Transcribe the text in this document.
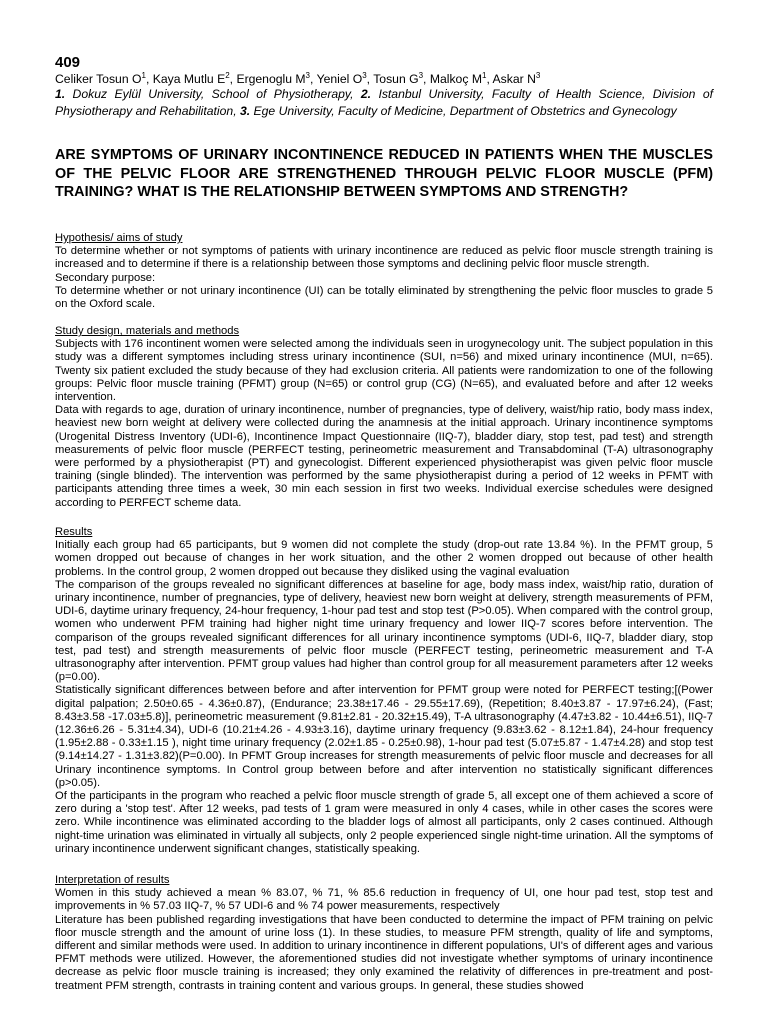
409
Celiker Tosun $O^1$, Kaya Mutlu $E^2$, Ergenoglu $M^3$, Yeniel $O^3$, Tosun $G^3$, Malkoç $M^1$, Askar $N^3$
1. Dokuz Eylül University, School of Physiotherapy, 2. Istanbul University, Faculty of Health Science, Division of Physiotherapy and Rehabilitation, 3. Ege University, Faculty of Medicine, Department of Obstetrics and Gynecology
ARE SYMPTOMS OF URINARY INCONTINENCE REDUCED IN PATIENTS WHEN THE MUSCLES OF THE PELVIC FLOOR ARE STRENGTHENED THROUGH PELVIC FLOOR MUSCLE (PFM) TRAINING? WHAT IS THE RELATIONSHIP BETWEEN SYMPTOMS AND STRENGTH?

Hypothesis/ aims of study

To determine whether or not symptoms of patients with urinary incontinence are reduced as pelvic floor muscle strength training is increased and to determine if there is a relationship between those symptoms and declining pelvic floor muscle strength.

Secondary purpose:

To determine whether or not urinary incontinence (UI) can be totally eliminated by strengthening the pelvic floor muscles to grade 5 on the Oxford scale.

Study design, materials and methods

Subjects with 176 incontinent women were selected among the individuals seen in urogynecology unit. The subject population in this study was a different symptomes including stress urinary incontinence (SUI, n=56) and mixed urinary incontinence (MUI, n=65). Twenty six patient excluded the study because of they had exclusion criteria. All patients were randomization to one of the following groups: Pelvic floor muscle training (PFMT) group (N=65) or control grup (CG) (N=65), and evaluated before and after 12 weeks intervention.

Data with regards to age, duration of urinary incontinence, number of pregnancies, type of delivery, waist/hip ratio, body mass index, heaviest new born weight at delivery were collected during the anamnesis at the initial approach. Urinary incontinence symptoms (Urogenital Distress Inventory (UDI-6), Incontinence Impact Questionnaire (IIQ-7), bladder diary, stop test, pad test) and strength measurements of pelvic floor muscle (PERFECT testing, perineometric measurement and Transabdominal (T-A) ultrasonography were performed by a physiotherapist (PT) and gynecologist. Different experienced physiotherapist was given pelvic floor muscle training (single blinded). The intervention was performed by the same physiotherapist during a period of 12 weeks in PFMT with participants attending three times a week, 30 min each session in first two weeks. Individual exercise schedules were designed according to PERFECT scheme data.

Results

Initially each group had 65 participants, but 9 women did not complete the study (drop-out rate 13.84 %). In the PFMT group, 5 women dropped out because of changes in her work situation, and the other 2 women dropped out because of other health problems. In the control group, 2 women dropped out because they disliked using the vaginal evaluation

The comparison of the groups revealed no significant differences at baseline for age, body mass index, waist/hip ratio, duration of urinary incontinence, number of pregnancies, type of delivery, heaviest new born weight at delivery, strength measurements of PFM, UDI-6, daytime urinary frequency, 24-hour frequency, 1-hour pad test and stop test (P>0.05). When compared with the control group, women who underwent PFM training had higher night time urinary frequency and lower IIQ-7 scores before intervention. The comparison of the groups revealed significant differences for all urinary incontinence symptoms (UDI-6, IIQ-7, bladder diary, stop test, pad test) and strength measurements of pelvic floor muscle (PERFECT testing, perineometric measurement and T-A ultrasonography after intervention. PFMT group values had higher than control group for all measurement parameters after 12 weeks (p=0.00).

Statistically significant differences between before and after intervention for PFMT group were noted for PERFECT testing;[(Power digital palpation; 2.50±0.65 - 4.36±0.87), (Endurance; 23.38±17.46 - 29.55±17.69), (Repetition; 8.40±3.87 - 17.97±6.24), (Fast; 8.43±3.58 -17.03±5.8)], perineometric measurement (9.81±2.81 - 20.32±15.49), T-A ultrasonography (4.47±3.82 - 10.44±6.51), IIQ-7 (12.36±6.26 - 5.31±4.34), UDI-6 (10.21±4.26 - 4.93±3.16), daytime urinary frequency (9.83±3.62 - 8.12±1.84), 24-hour frequency (1.95±2.88 - 0.33±1.15 ), night time urinary frequency (2.02±1.85 - 0.25±0.98), 1-hour pad test (5.07±5.87 - 1.47±4.28) and stop test (9.14±14.27 - 1.31±3.82)(P=0.00). In PFMT Group increases for strength measurements of pelvic floor muscle and decreases for all Urinary incontinence symptoms. In Control group between before and after intervention no statistically significant differences (p>0.05).

Of the participants in the program who reached a pelvic floor muscle strength of grade 5, all except one of them achieved a score of zero during a 'stop test'. After 12 weeks, pad tests of 1 gram were measured in only 4 cases, while in other cases the scores were zero. While incontinence was eliminated according to the bladder logs of almost all participants, only 2 cases continued. Although night-time urination was eliminated in virtually all subjects, only 2 people experienced single night-time urination. All the symptoms of urinary incontinence underwent significant changes, statistically speaking.

Interpretation of results

Women in this study achieved a mean % 83.07, % 71, % 85.6 reduction in frequency of UI, one hour pad test, stop test and improvements in % 57.03 IIQ-7, % 57 UDI-6 and % 74 power measurements, respectively

Literature has been published regarding investigations that have been conducted to determine the impact of PFM training on pelvic floor muscle strength and the amount of urine loss (1). In these studies, to measure PFM strength, quality of life and symptoms, different and similar methods were used. In addition to urinary incontinence in different populations, UI's of different ages and various PFMT methods were utilized. However, the aforementioned studies did not investigate whether symptoms of urinary incontinence decrease as pelvic floor muscle training is increased; they only examined the relativity of differences in pre-treatment and post-treatment PFM strength, contrasts in training content and various groups. In general, these studies showed
